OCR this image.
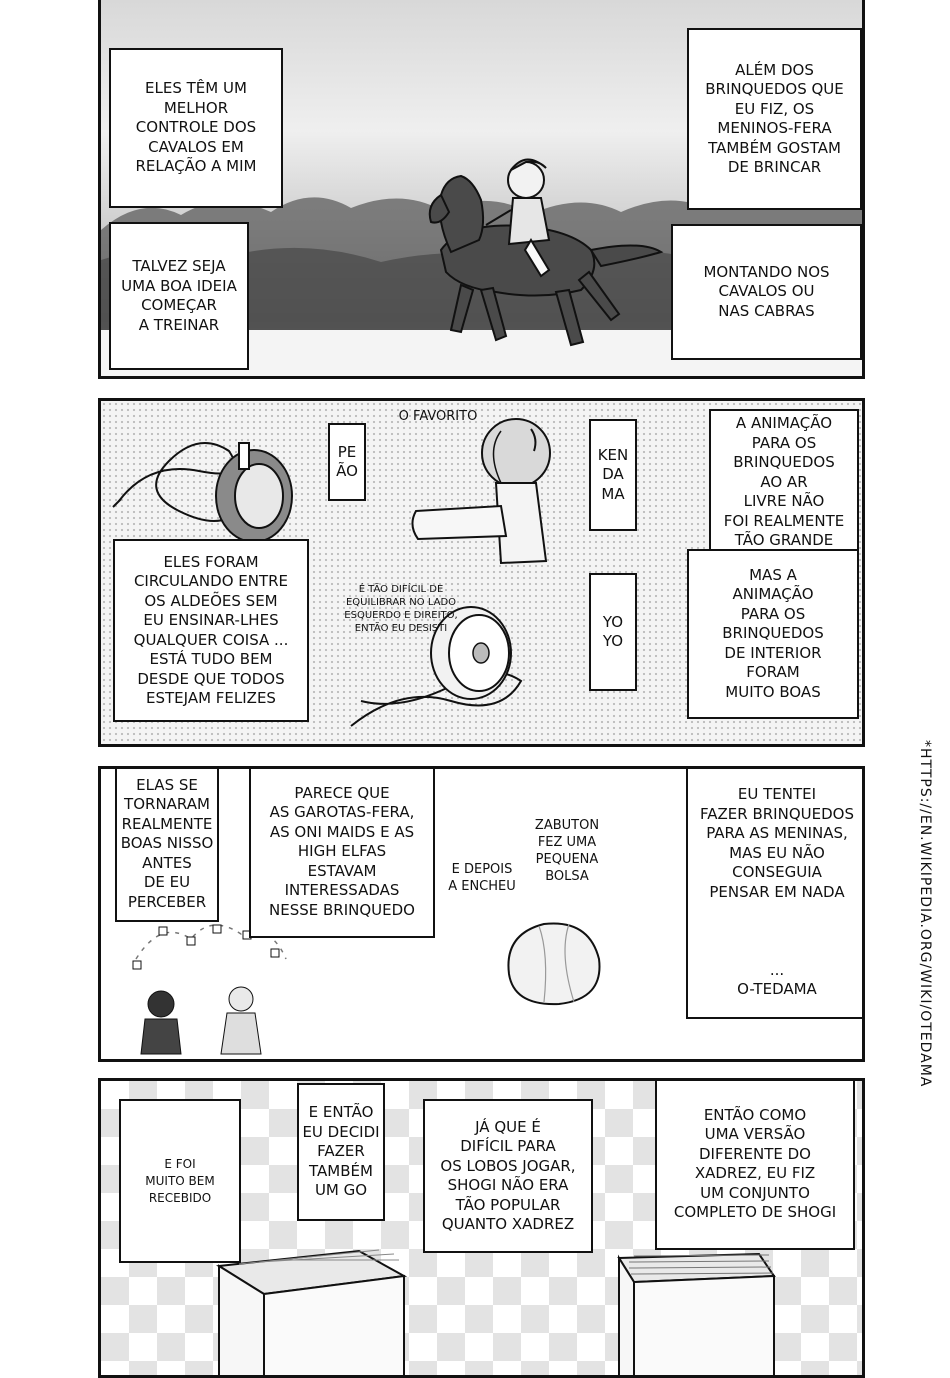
ELES TÊM UM
MELHOR
CONTROLE DOS
CAVALOS EM
RELAÇÃO A MIM
TALVEZ SEJA
UMA BOA IDEIA
COMEÇAR
A TREINAR
ALÉM DOS
BRINQUEDOS QUE
EU FIZ, OS
MENINOS-FERA
TAMBÉM GOSTAM
DE BRINCAR
MONTANDO NOS
CAVALOS OU
NAS CABRAS
O FAVORITO
PE
ÃO
KEN
DA
MA
YO
YO
ELES FORAM
CIRCULANDO ENTRE
OS ALDEÕES SEM
EU ENSINAR-LHES
QUALQUER COISA ...
ESTÁ TUDO BEM
DESDE QUE TODOS
ESTEJAM FELIZES
É TÃO DIFÍCIL DE
EQUILIBRAR NO LADO
ESQUERDO E DIREITO,
ENTÃO EU DESISTI
A ANIMAÇÃO
PARA OS
BRINQUEDOS
AO AR
LIVRE NÃO
FOI REALMENTE
TÃO GRANDE
MAS A
ANIMAÇÃO
PARA OS
BRINQUEDOS
DE INTERIOR
FORAM
MUITO BOAS
ELAS SE
TORNARAM
REALMENTE
BOAS NISSO
ANTES
DE EU
PERCEBER
PARECE QUE
AS GAROTAS-FERA,
AS ONI MAIDS E AS
HIGH ELFAS
ESTAVAM
INTERESSADAS
NESSE BRINQUEDO
E DEPOIS
A ENCHEU
ZABUTON
FEZ UMA
PEQUENA
BOLSA
EU TENTEI
FAZER BRINQUEDOS
PARA AS MENINAS,
MAS EU NÃO
CONSEGUIA
PENSAR EM NADA

...
O-TEDAMA
E FOI
MUITO BEM
RECEBIDO
E ENTÃO
EU DECIDI
FAZER
TAMBÉM
UM GO
JÁ QUE É
DIFÍCIL PARA
OS LOBOS JOGAR,
SHOGI NÃO ERA
TÃO POPULAR
QUANTO XADREZ
ENTÃO COMO
UMA VERSÃO
DIFERENTE DO
XADREZ, EU FIZ
UM CONJUNTO
COMPLETO DE SHOGI
*HTTPS://EN.WIKIPEDIA.ORG/WIKI/OTEDAMA
